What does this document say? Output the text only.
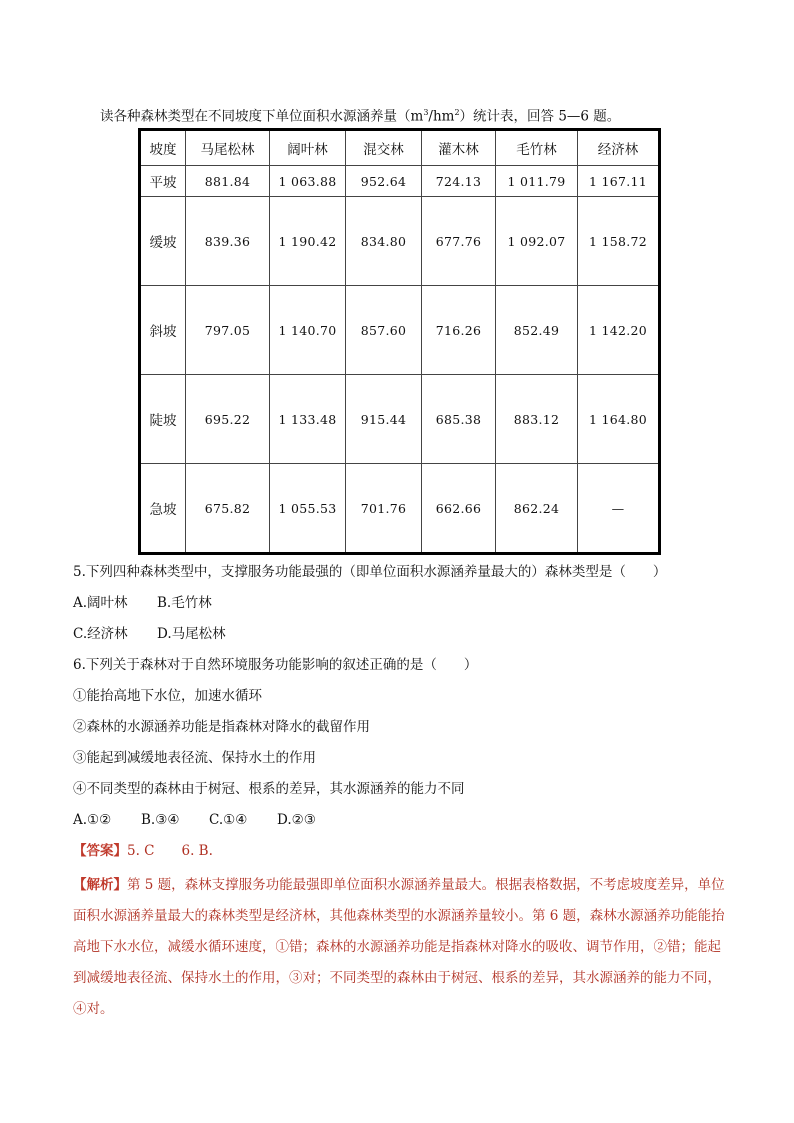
读各种森林类型在不同坡度下单位面积水源涵养量$(m^3/hm^2)$统计表，回答 5—6 题。
坡度	马尾松林	阔叶林	混交林	灌木林	毛竹林	经济林
平坡	881.84	1 063.88	952.64	724.13	1 011.79	1 167.11
缓坡	839.36	1 190.42	834.80	677.76	1 092.07	1 158.72
斜坡	797.05	1 140.70	857.60	716.26	852.49	1 142.20
陡坡	695.22	1 133.48	915.44	685.38	883.12	1 164.80
急坡	675.82	1 055.53	701.76	662.66	862.24	—
5.下列四种森林类型中，支撑服务功能最强的（即单位面积水源涵养量最大的）森林类型是（　　）
A.阔叶林 B.毛竹林
C.经济林 D.马尾松林
6.下列关于森林对于自然环境服务功能影响的叙述正确的是（　　）
①能抬高地下水位，加速水循环
②森林的水源涵养功能是指森林对降水的截留作用
③能起到减缓地表径流、保持水土的作用
④不同类型的森林由于树冠、根系的差异，其水源涵养的能力不同
A.①② B.③④ C.①④ D.②③
【答案】5. C　　6. B.
【解析】第 5 题，森林支撑服务功能最强即单位面积水源涵养量最大。根据表格数据，不考虑坡度差异，单位面积水源涵养量最大的森林类型是经济林，其他森林类型的水源涵养量较小。第 6 题，森林水源涵养功能能抬高地下水水位，减缓水循环速度，①错；森林的水源涵养功能是指森林对降水的吸收、调节作用，②错；能起到减缓地表径流、保持水土的作用，③对；不同类型的森林由于树冠、根系的差异，其水源涵养的能力不同，④对。
